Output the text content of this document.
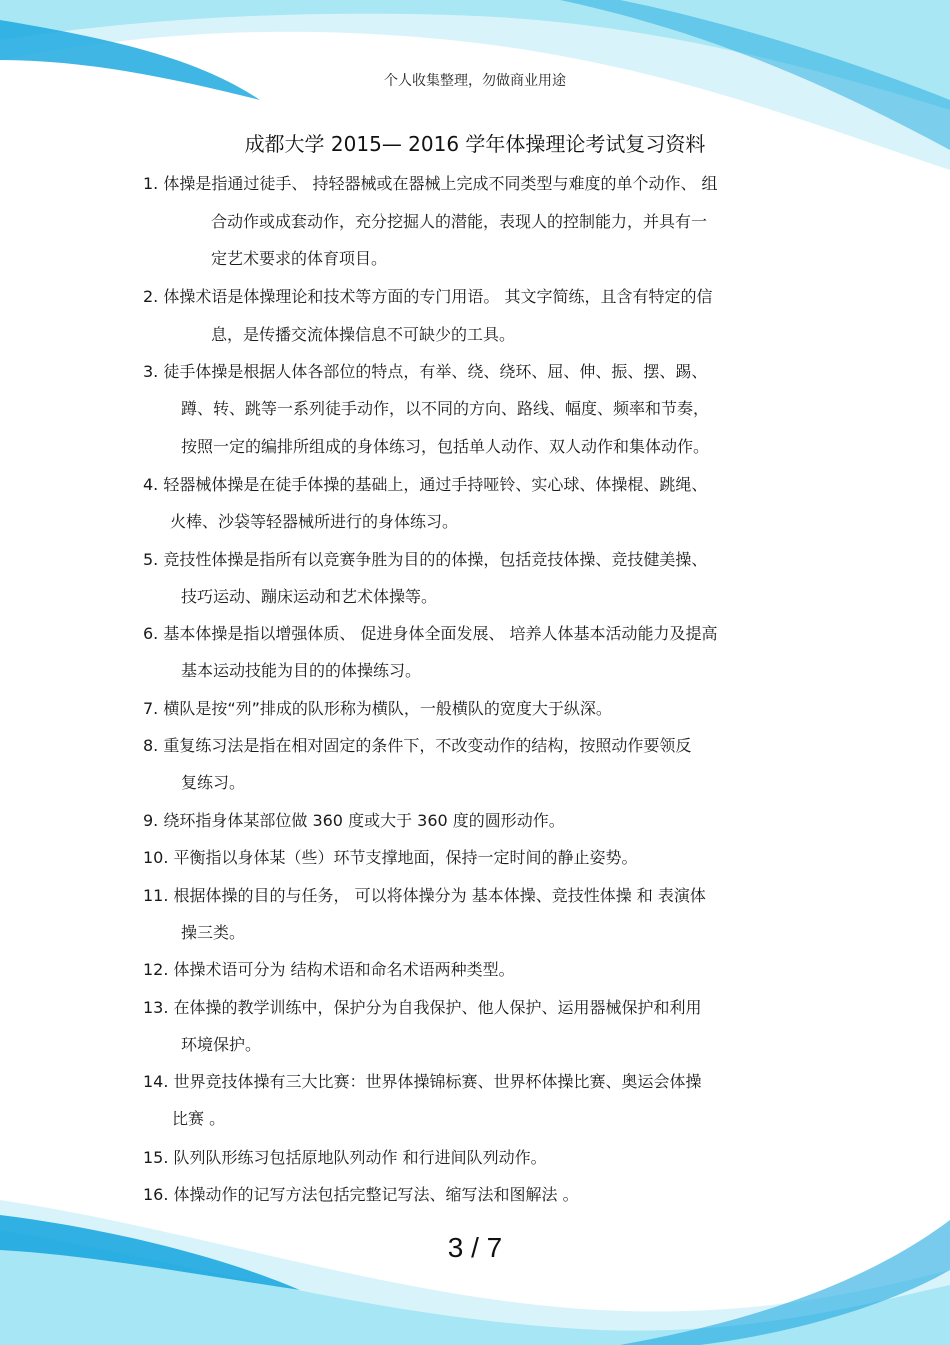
个人收集整理，勿做商业用途
成都大学 2015— 2016 学年体操理论考试复习资料
1. 体操是指通过徒手、 持轻器械或在器械上完成不同类型与难度的单个动作、 组
合动作或成套动作，充分挖掘人的潜能，表现人的控制能力，并具有一
定艺术要求的体育项目。
2. 体操术语是体操理论和技术等方面的专门用语。 其文字简练，且含有特定的信
息，是传播交流体操信息不可缺少的工具。
3. 徒手体操是根据人体各部位的特点，有举、绕、绕环、屈、伸、振、摆、踢、
蹲、转、跳等一系列徒手动作，以不同的方向、路线、幅度、频率和节奏，
按照一定的编排所组成的身体练习，包括单人动作、双人动作和集体动作。
4. 轻器械体操是在徒手体操的基础上，通过手持哑铃、实心球、体操棍、跳绳、
火棒、沙袋等轻器械所进行的身体练习。
5. 竞技性体操是指所有以竞赛争胜为目的的体操，包括竞技体操、竞技健美操、
技巧运动、蹦床运动和艺术体操等。
6. 基本体操是指以增强体质、 促进身体全面发展、 培养人体基本活动能力及提高
基本运动技能为目的的体操练习。
7. 横队是按“列”排成的队形称为横队，一般横队的宽度大于纵深。
8. 重复练习法是指在相对固定的条件下，不改变动作的结构，按照动作要领反
复练习。
9. 绕环指身体某部位做 360 度或大于 360 度的圆形动作。
10. 平衡指以身体某（些）环节支撑地面，保持一定时间的静止姿势。
11. 根据体操的目的与任务， 可以将体操分为 基本体操、竞技性体操 和 表演体
操三类。
12. 体操术语可分为 结构术语和命名术语两种类型。
13. 在体操的教学训练中，保护分为自我保护、他人保护、运用器械保护和利用
环境保护。
14. 世界竞技体操有三大比赛：世界体操锦标赛、世界杯体操比赛、奥运会体操
比赛 。
15. 队列队形练习包括原地队列动作 和行进间队列动作。
16. 体操动作的记写方法包括完整记写法、缩写法和图解法 。
3 / 7
